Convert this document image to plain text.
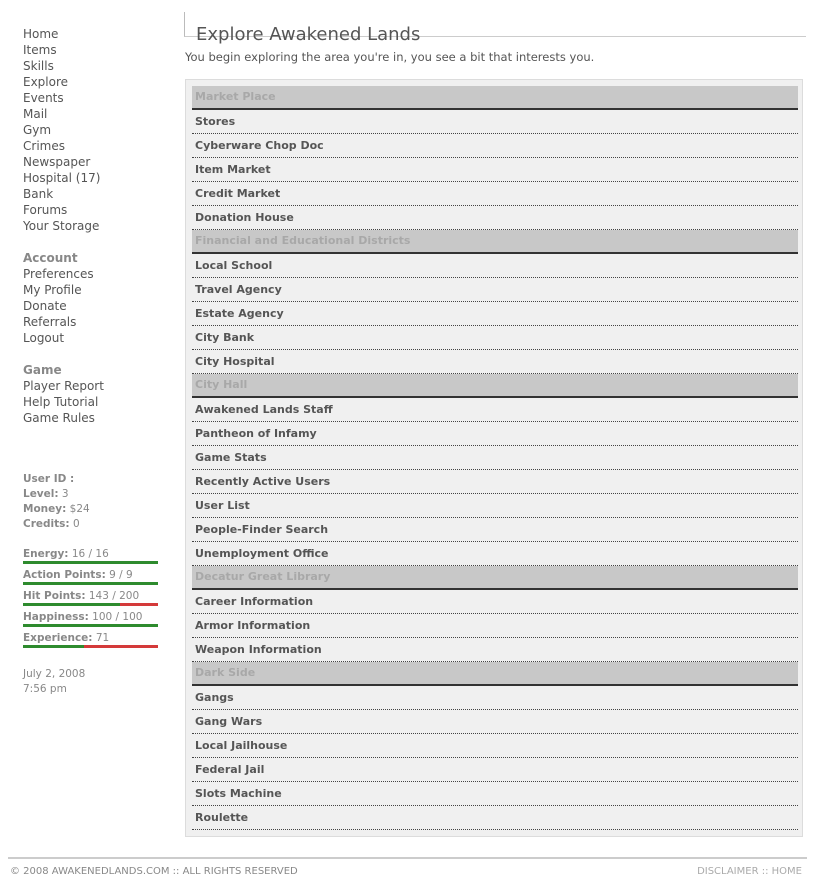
Home
Items
Skills
Explore
Events
Mail
Gym
Crimes
Newspaper
Hospital (17)
Bank
Forums
Your Storage
Account
Preferences
My Profile
Donate
Referrals
Logout
Game
Player Report
Help Tutorial
Game Rules
User ID :
Level: 3
Money: $24
Credits: 0
Energy: 16 / 16
Action Points: 9 / 9
Hit Points: 143 / 200
Happiness: 100 / 100
Experience: 71
July 2, 2008
7:56 pm
Explore Awakened Lands
You begin exploring the area you're in, you see a bit that interests you.
Market Place
Stores
Cyberware Chop Doc
Item Market
Credit Market
Donation House
Financial and Educational Districts
Local School
Travel Agency
Estate Agency
City Bank
City Hospital
City Hall
Awakened Lands Staff
Pantheon of Infamy
Game Stats
Recently Active Users
User List
People-Finder Search
Unemployment Office
Decatur Great Library
Career Information
Armor Information
Weapon Information
Dark Side
Gangs
Gang Wars
Local Jailhouse
Federal Jail
Slots Machine
Roulette
© 2008 AWAKENEDLANDS.COM :: ALL RIGHTS RESERVED	DISCLAIMER :: HOME
